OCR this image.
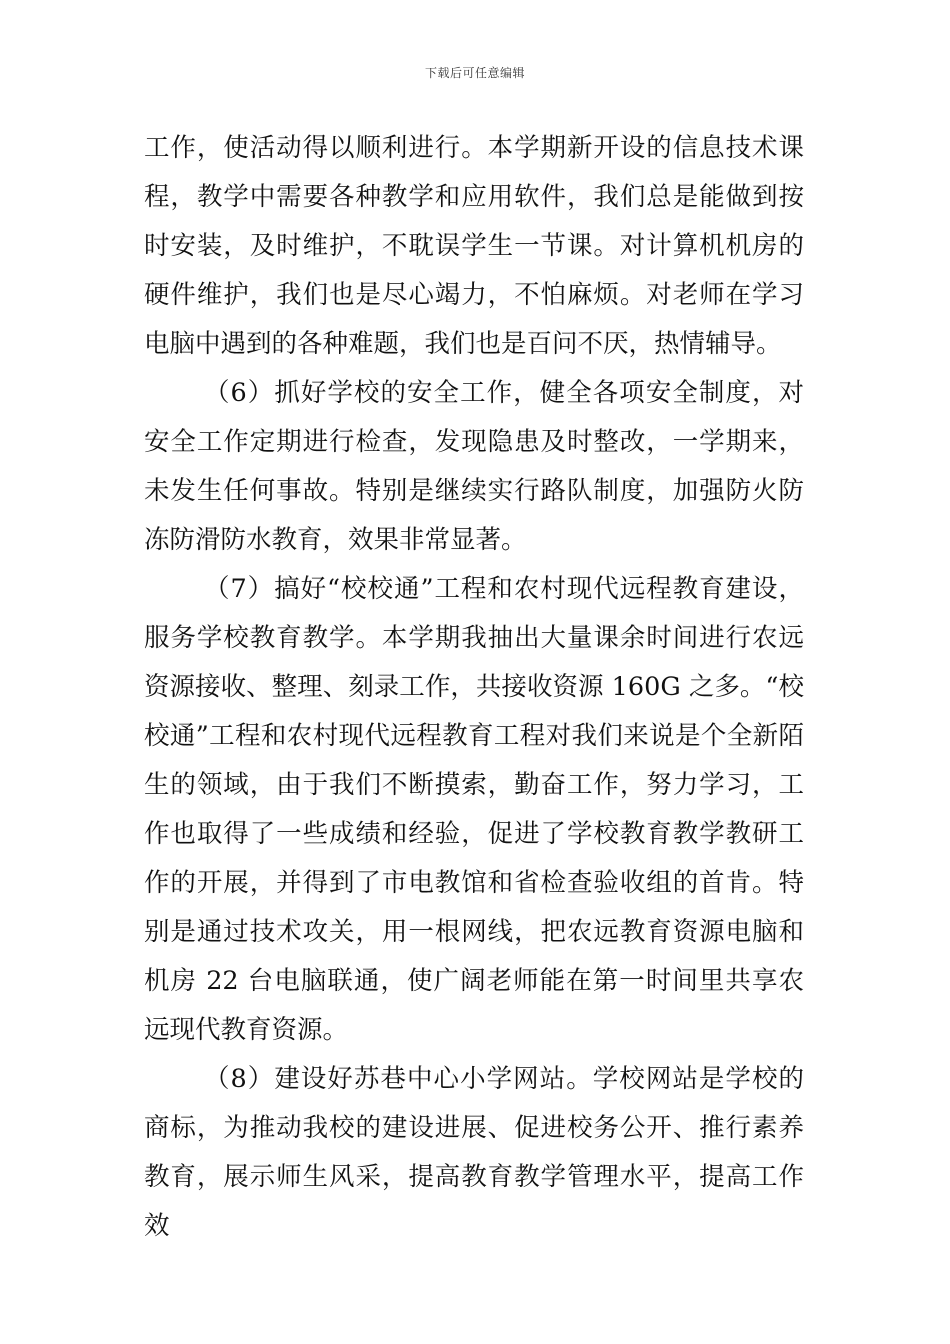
下载后可任意编辑

工作，使活动得以顺利进行。本学期新开设的信息技术课程，教学中需要各种教学和应用软件，我们总是能做到按时安装，及时维护，不耽误学生一节课。对计算机机房的硬件维护，我们也是尽心竭力，不怕麻烦。对老师在学习电脑中遇到的各种难题，我们也是百问不厌，热情辅导。

（6）抓好学校的安全工作，健全各项安全制度，对安全工作定期进行检查，发现隐患及时整改，一学期来，未发生任何事故。特别是继续实行路队制度，加强防火防冻防滑防水教育，效果非常显著。

（7）搞好“校校通”工程和农村现代远程教育建设，服务学校教育教学。本学期我抽出大量课余时间进行农远资源接收、整理、刻录工作，共接收资源 160G 之多。“校校通”工程和农村现代远程教育工程对我们来说是个全新陌生的领域，由于我们不断摸索，勤奋工作，努力学习，工作也取得了一些成绩和经验，促进了学校教育教学教研工作的开展，并得到了市电教馆和省检查验收组的首肯。特别是通过技术攻关，用一根网线，把农远教育资源电脑和机房 22 台电脑联通，使广阔老师能在第一时间里共享农远现代教育资源。

（8）建设好苏巷中心小学网站。学校网站是学校的商标，为推动我校的建设进展、促进校务公开、推行素养教育，展示师生风采，提高教育教学管理水平，提高工作效
